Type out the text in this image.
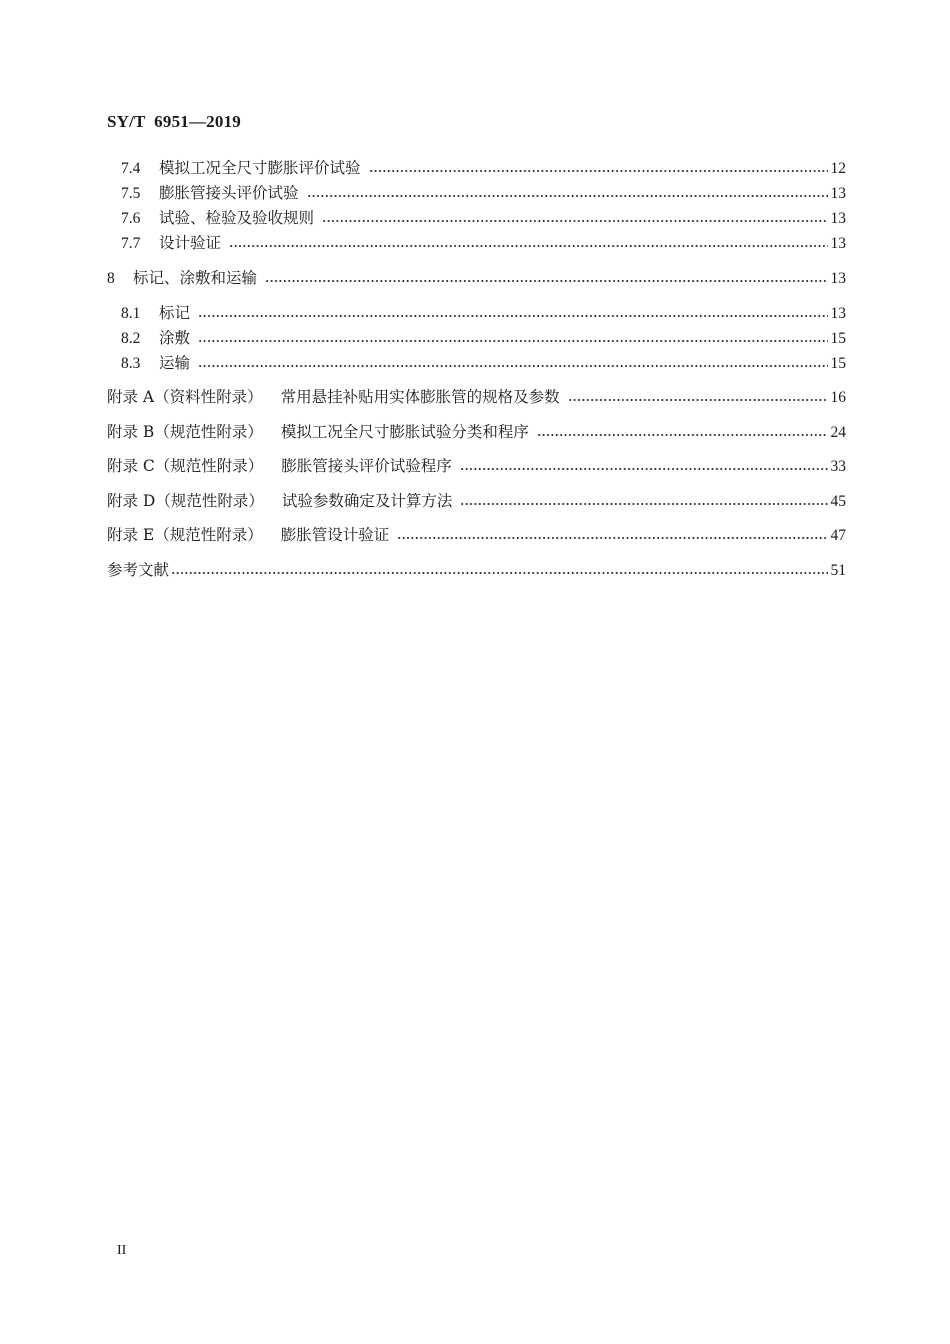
SY/T  6951—2019
7.4	模拟工况全尺寸膨胀评价试验	12
7.5	膨胀管接头评价试验	13
7.6	试验、检验及验收规则	13
7.7	设计验证	13
8	标记、涂敷和运输	13
8.1	标记	13
8.2	涂敷	15
8.3	运输	15
附录 A（资料性附录）	常用悬挂补贴用实体膨胀管的规格及参数	16
附录 B（规范性附录）	模拟工况全尺寸膨胀试验分类和程序	24
附录 C（规范性附录）	膨胀管接头评价试验程序	33
附录 D（规范性附录）	试验参数确定及计算方法	45
附录 E（规范性附录）	膨胀管设计验证	47
参考文献	51
II
